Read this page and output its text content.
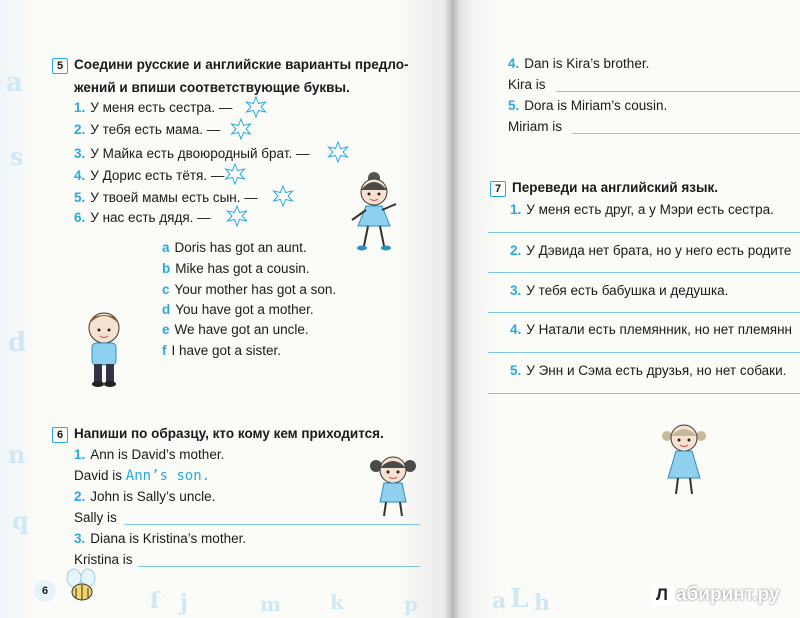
a
s
d
n
q
f j	m k	p
5 Соедини русские и английские варианты предло-
жений и впиши соответствующие буквы.
1. У меня есть сестра. —
2. У тебя есть мама. —
3. У Майка есть двоюродный брат. —
4. У Дорис есть тётя. —
5. У твоей мамы есть сын. —
6. У нас есть дядя. —
a Doris has got an aunt.
b Mike has got a cousin.
c Your mother has got a son.
d You have got a mother.
e We have got an uncle.
f I have got a sister.
6 Напиши по образцу, кто кому кем приходится.
1. Ann is David’s mother.
David is Ann’s son.
2. John is Sally’s uncle.
Sally is
3. Diana is Kristina’s mother.
Kristina is
6	a L h
4. Dan is Kira’s brother.
Kira is
5. Dora is Miriam’s cousin.
Miriam is
7 Переведи на английский язык.
1. У меня есть друг, а у Мэри есть сестра.
2. У Дэвида нет брата, но у него есть родите
3. У тебя есть бабушка и дедушка.
4. У Натали есть племянник, но нет племянн
5. У Энн и Сэма есть друзья, но нет собаки.
Л абиринт.ру
